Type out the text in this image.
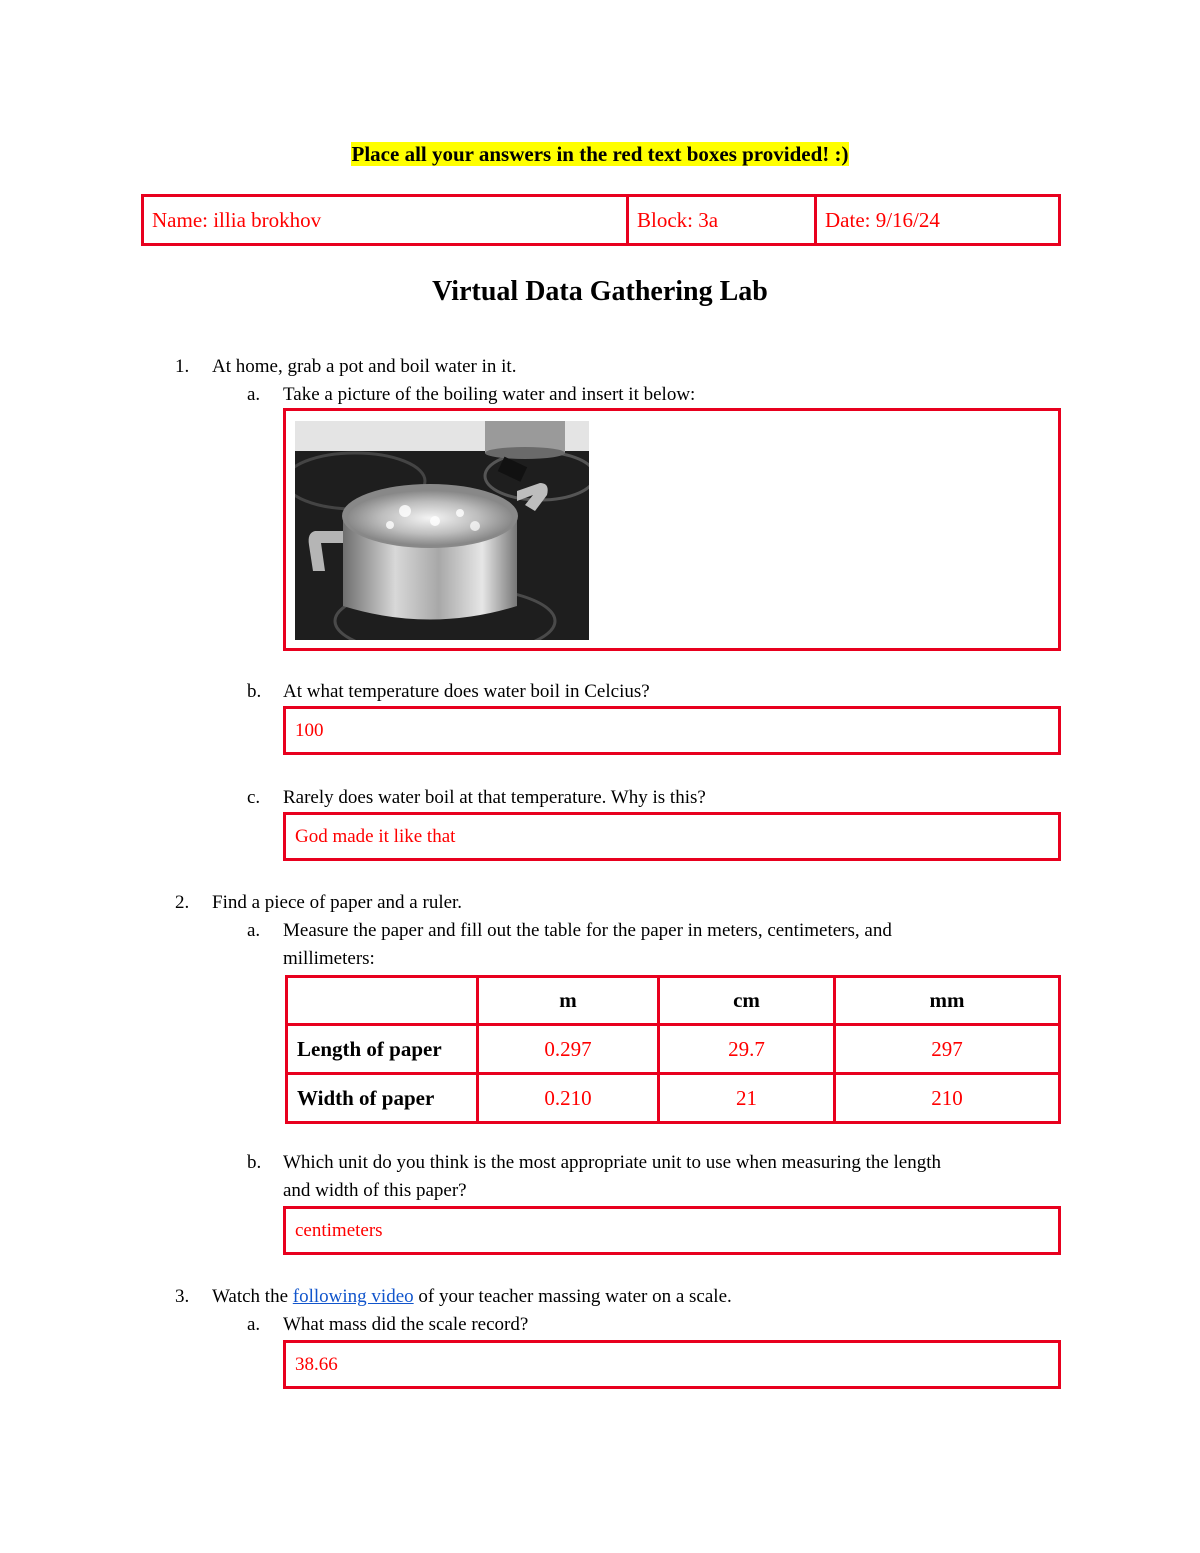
Place all your answers in the red text boxes provided! :)
Name: illia brokhov	Block: 3a	Date: 9/16/24
Virtual Data Gathering Lab
1. At home, grab a pot and boil water in it.
a. Take a picture of the boiling water and insert it below:
b. At what temperature does water boil in Celcius?
100
c. Rarely does water boil at that temperature. Why is this?
God made it like that
2. Find a piece of paper and a ruler.
a. Measure the paper and fill out the table for the paper in meters, centimeters, and
millimeters:
	m	cm	mm
Length of paper	0.297	29.7	297
Width of paper	0.210	21	210
b. Which unit do you think is the most appropriate unit to use when measuring the length
and width of this paper?
centimeters
3. Watch the following video of your teacher massing water on a scale.
a. What mass did the scale record?
38.66
